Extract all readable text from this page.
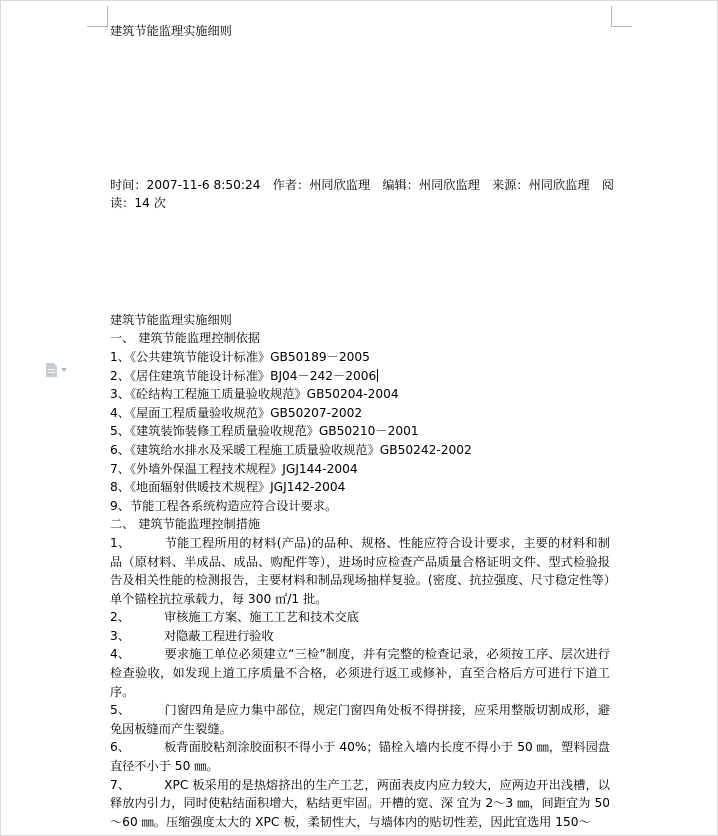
建筑节能监理实施细则

时间：2007-11-6 8:50:24　作者：州同欣监理　编辑：州同欣监理　来源：州同欣监理　阅

读：14 次

建筑节能监理实施细则

一、 建筑节能监理控制依据

1、《公共建筑节能设计标准》GB50189－2005

2、《居住建筑节能设计标准》BJ04－242－2006

3、《砼结构工程施工质量验收规范》GB50204-2004

4、《屋面工程质量验收规范》GB50207-2002

5、《建筑装饰装修工程质量验收规范》GB50210－2001

6、《建筑给水排水及采暖工程施工质量验收规范》GB50242-2002

7、《外墙外保温工程技术规程》JGJ144-2004

8、《地面辐射供暖技术规程》JGJ142-2004

9、节能工程各系统构造应符合设计要求。

二、 建筑节能监理控制措施

1、	节能工程所用的材料(产品)的品种、规格、性能应符合设计要求，主要的材料和制品（原材料、半成品、成品、购配件等），进场时应检查产品质量合格证明文件、型式检验报告及相关性能的检测报告，主要材料和制品现场抽样复验。(密度、抗拉强度、尺寸稳定性等）单个锚栓抗拉承载力，每 300 ㎡/1 批。

2、	审核施工方案、施工工艺和技术交底

3、	对隐蔽工程进行验收

4、	要求施工单位必须建立“三检”制度，并有完整的检查记录，必须按工序、层次进行检查验收，如发现上道工序质量不合格，必须进行返工或修补，直至合格后方可进行下道工序。

5、	门窗四角是应力集中部位，规定门窗四角处板不得拼接，应采用整版切割成形，避免因板缝而产生裂缝。

6、	板背面胶粘剂涂胶面积不得小于 40%；锚栓入墙内长度不得小于 50 ㎜，塑料园盘直径不小于 50 ㎜。

7、	XPC 板采用的是热熔挤出的生产工艺，两面表皮内应力较大，应两边开出浅槽，以释放内引力，同时使粘结面积增大，粘结更牢固。开槽的宽、深 宜为 2～3 ㎜，间距宜为 50～60 ㎜。压缩强度太大的 XPC 板，柔韧性大，与墙体内的贴切性差，因此宜选用 150～
